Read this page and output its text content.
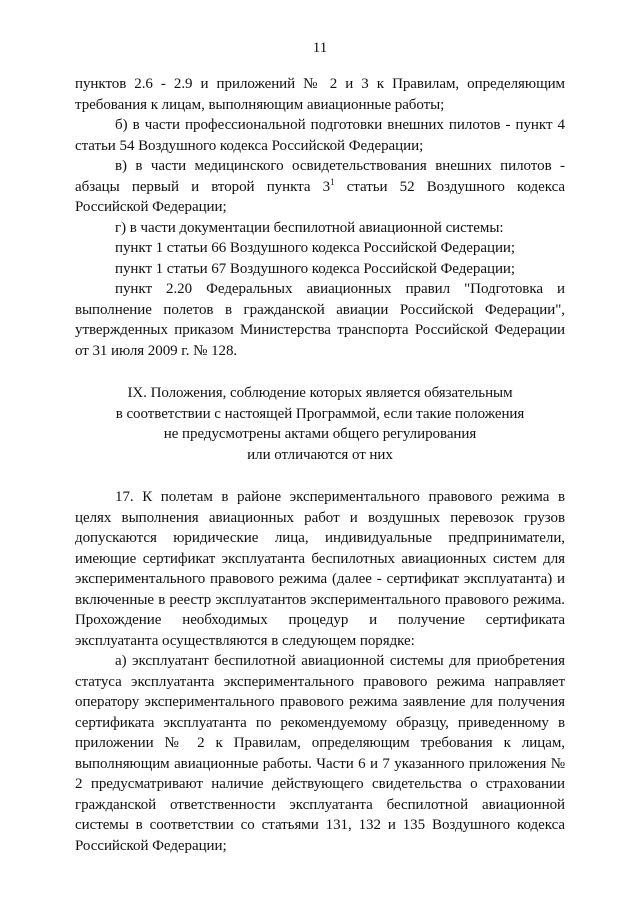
11

пунктов 2.6 - 2.9 и приложений № 2 и 3 к Правилам, определяющим требования к лицам, выполняющим авиационные работы;

б) в части профессиональной подготовки внешних пилотов - пункт 4 статьи 54 Воздушного кодекса Российской Федерации;

в) в части медицинского освидетельствования внешних пилотов - абзацы первый и второй пункта $3^1$ статьи 52 Воздушного кодекса Российской Федерации;

г) в части документации беспилотной авиационной системы:

пункт 1 статьи 66 Воздушного кодекса Российской Федерации;

пункт 1 статьи 67 Воздушного кодекса Российской Федерации;

пункт 2.20 Федеральных авиационных правил "Подготовка и выполнение полетов в гражданской авиации Российской Федерации", утвержденных приказом Министерства транспорта Российской Федерации от 31 июля 2009 г. № 128.

IX. Положения, соблюдение которых является обязательным
в соответствии с настоящей Программой, если такие положения
не предусмотрены актами общего регулирования
или отличаются от них

17. К полетам в районе экспериментального правового режима в целях выполнения авиационных работ и воздушных перевозок грузов допускаются юридические лица, индивидуальные предприниматели, имеющие сертификат эксплуатанта беспилотных авиационных систем для экспериментального правового режима (далее - сертификат эксплуатанта) и включенные в реестр эксплуатантов экспериментального правового режима. Прохождение необходимых процедур и получение сертификата эксплуатанта осуществляются в следующем порядке:

а) эксплуатант беспилотной авиационной системы для приобретения статуса эксплуатанта экспериментального правового режима направляет оператору экспериментального правового режима заявление для получения сертификата эксплуатанта по рекомендуемому образцу, приведенному в приложении № 2 к Правилам, определяющим требования к лицам, выполняющим авиационные работы. Части 6 и 7 указанного приложения № 2 предусматривают наличие действующего свидетельства о страховании гражданской ответственности эксплуатанта беспилотной авиационной системы в соответствии со статьями 131, 132 и 135 Воздушного кодекса Российской Федерации;
